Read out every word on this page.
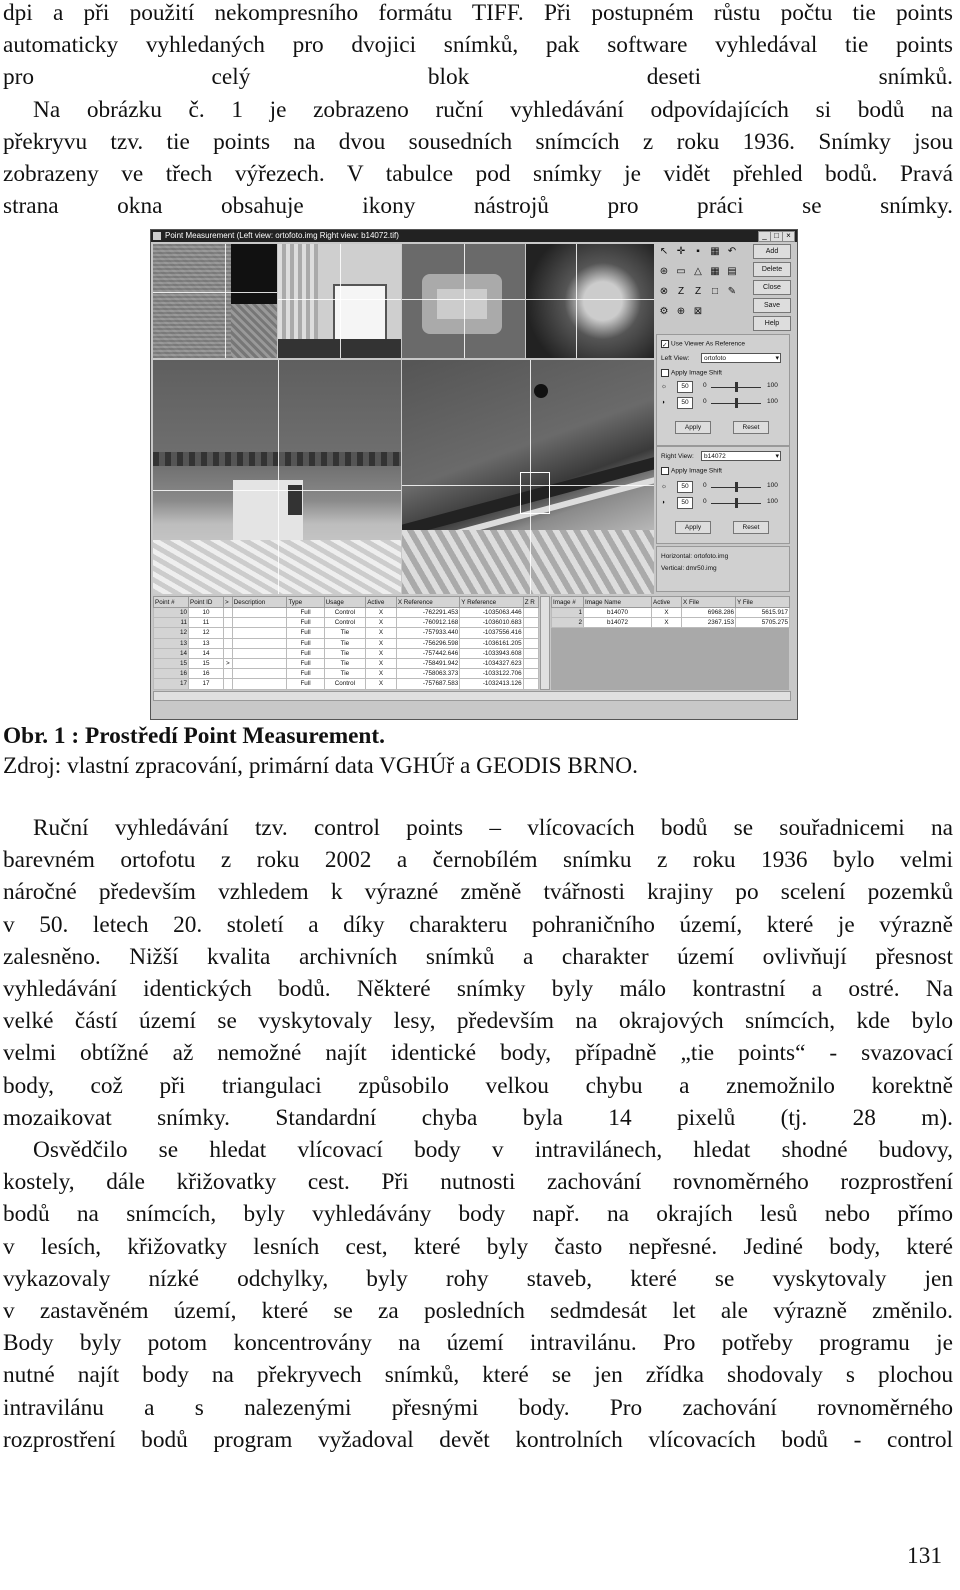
dpi a při použití nekompresního formátu TIFF. Při postupném růstu počtu tie points
automaticky vyhledaných pro dvojici snímků, pak software vyhledával tie points
pro celý blok deseti snímků.
Na obrázku č. 1 je zobrazeno ruční vyhledávání odpovídajících si bodů na
překryvu tzv. tie points na dvou sousedních snímcích z roku 1936. Snímky jsou
zobrazeny ve třech výřezech. V tabulce pod snímky je vidět přehled bodů. Pravá
strana okna obsahuje ikony nástrojů pro práci se snímky.
Point Measurement (Left view: ortofoto.img Right view: b14072.tif)	_ □ ×
↖ ✛	▪	▦ ↶
⊛ ▭ △ ▦ ▤
⊗ Z Z □ ✎
⚙ ⊕ ⊠
Add
Delete
Close
Save
Help
✓ Use Viewer As Reference
Left View:	ortofoto ▾
Apply Image Shift
☼	50	0	100
◑	50	0	100
Apply	Reset
Right View:	b14072 ▾
Apply Image Shift
☼	50	0	100
◑	50	0	100
Apply	Reset
Horizontal: ortofoto.img
Vertical: dmr50.img
Point #	Point ID	>	Description	Type	Usage	Active	X Reference	Y Reference	Z R
10	10			Full	Control	X	-762291.453	-1035063.446	
11	11			Full	Control	X	-760912.168	-1036010.683	
12	12			Full	Tie	X	-757933.440	-1037556.416	
13	13			Full	Tie	X	-756296.598	-1036161.205	
14	14			Full	Tie	X	-757442.646	-1033943.608	
15	15	>		Full	Tie	X	-758491.942	-1034327.623	
16	16			Full	Tie	X	-758063.373	-1033122.706	
17	17			Full	Control	X	-757687.583	-1032413.126	
Image #	Image Name	Active	X File	Y File
1	b14070	X	6968.286	5615.917
2	b14072	X	2367.153	5705.275
Obr. 1 : Prostředí Point Measurement.
Zdroj: vlastní zpracování, primární data VGHÚř a GEODIS BRNO.
Ruční vyhledávání tzv. control points – vlícovacích bodů se souřadnicemi na
barevném ortofotu z roku 2002 a černobílém snímku z roku 1936 bylo velmi
náročné především vzhledem k výrazné změně tvářnosti krajiny po scelení pozemků
v 50. letech 20. století a díky charakteru pohraničního území, které je výrazně
zalesněno. Nižší kvalita archivních snímků a charakter území ovlivňují přesnost
vyhledávání identických bodů. Některé snímky byly málo kontrastní a ostré. Na
velké částí území se vyskytovaly lesy, především na okrajových snímcích, kde bylo
velmi obtížné až nemožné najít identické body, případně „tie points“ - svazovací
body, což při triangulaci způsobilo velkou chybu a znemožnilo korektně
mozaikovat snímky. Standardní chyba byla 14 pixelů (tj. 28 m).
Osvědčilo se hledat vlícovací body v intravilánech, hledat shodné budovy,
kostely, dále křižovatky cest. Při nutnosti zachování rovnoměrného rozprostření
bodů na snímcích, byly vyhledávány body např. na okrajích lesů nebo přímo
v lesích, křižovatky lesních cest, které byly často nepřesné. Jediné body, které
vykazovaly nízké odchylky, byly rohy staveb, které se vyskytovaly jen
v zastavěném území, které se za posledních sedmdesát let ale výrazně změnilo.
Body byly potom koncentrovány na území intravilánu. Pro potřeby programu je
nutné najít body na překryvech snímků, které se jen zřídka shodovaly s plochou
intravilánu a s nalezenými přesnými body. Pro zachování rovnoměrného
rozprostření bodů program vyžadoval devět kontrolních vlícovacích bodů - control
131
